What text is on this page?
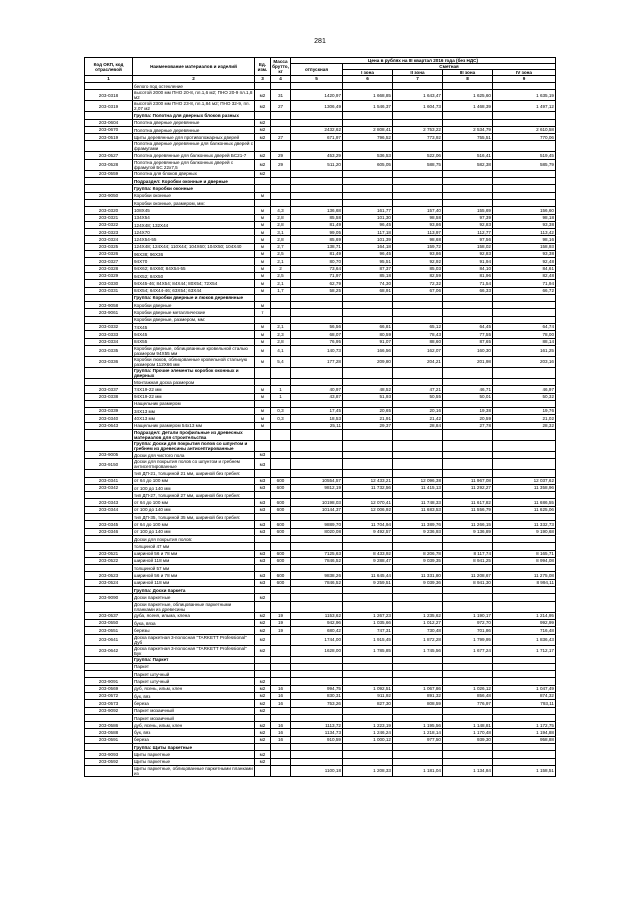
281
Код ОКП, код отраслевой	Наименование материалов и изделий	Ед. изм.	Масса брутто, кг	Цена в рублях на III квартал 2016 года (без НДС)				
				отпускная	Сметная			
					I зона	II зона	III зона	IV зона
1	2	3	4	5	6	7	8	9
	белого под остекление							
203-0318	высотой 2000 мм ПНО 20-8, пл.1,6 м2; ПНО 20-9 пл.1,8 м2	м2	31	1420,97	1 668,85	1 643,47	1 625,60	1 635,19
203-0319	высотой 2300 мм ПНО 23-8, пл.1,84 м2; ПНО 32-9, пл. 2,07 м2	м2	27	1306,49	1 546,37	1 604,73	1 468,39	1 497,12
	Группа: Полотна для дверных блоков разных							
203-0604	Полотна дверные деревянные	м2						
203-0670	Полотна дверные деревянные	м2		2432,62	2 808,41	2 753,22	2 534,79	2 610,58
203-0519	Щиты деревянные для противопожарных дверей	м2	27	671,97	796,52	773,92	755,51	770,06
	Полотна дверные деревянные для балконных дверей с фрамугами							
203-0527	Полотна деревянные для балконных дверей БС21-7	м2	29	453,29	536,53	522,06	516,41	519,45
203-0528	Полотна деревянные для балконных дверей с фрамугой БС 22х7,5	м2	29	511,20	605,05	588,75	582,38	585,79
203-0559	Полотна для блоков дверных	м2						
	Подраздел: Коробки оконные и дверные							
	Группа: Коробки оконные							
203-9050	Коробки оконные	м						
	Коробки оконные, размером, мм:							
203-0320	108Х45	м	4,3	136,68	161,77	157,40	155,69	156,60
203-0321	134Х54	м	2,8	85,58	101,30	98,58	97,39	98,18
203-0322	124Х48; 132Х44	м	2,8	81,49	96,45	93,86	92,83	93,38
203-0323	124Х70	м	3,1	99,05	117,18	113,97	112,77	113,42
203-0324	124Х54-55	м	2,8	85,69	101,39	98,68	97,56	98,16
203-0325	124Х48; 124Х44; 110Х44; 104Х60; 104Х50; 104Х40	м	2,7	138,71	164,18	159,72	158,02	158,93
203-0326	96Х38; 96Х36	м	2,5	81,49	96,45	93,86	92,83	93,38
203-0327	94Х70	м	2,1	80,70	95,51	92,92	91,94	92,48
203-0328	94Х62; 84Х60; 84Х54-55	м	2	73,64	87,37	85,03	84,10	84,61
203-0329	94Х52; 84Х50	м	2,5	71,97	85,18	82,59	81,96	82,48
203-0330	94Х45-46; 84Х54; 84Х44; 80Х54; 72Х54	м	2,1	62,79	74,30	72,32	71,54	71,94
203-0331	84Х54; 64Х44-46; 63Х54; 63Х44	м	1,7	58,25	68,91	67,06	66,33	66,72
	Группа: Коробки дверные и люков деревянные							
203-9058	Коробки дверные	м						
203-9061	Коробки дверные металлические	т						
	Коробки дверные, размером, мм:							
203-0332	74Х45	м	2,1	56,56	66,81	65,12	64,45	64,74
203-0333	94Х45	м	2,3	68,07	80,59	78,43	77,55	78,00
203-0334	84Х55	м	2,8	76,95	91,07	88,60	87,65	88,14
203-0335	Коробки дверные, облицованные кровельной сталью размером 94Х55 мм	м	4,1	140,73	166,56	162,07	160,30	161,25
203-0336	Коробки люков, облицованные кровельной стальную размером 112Х66 мм	м	5,4	177,28	209,80	204,21	201,98	203,16
	Группа: Прочие элементы коробок оконных и дверных							
	Монтажная доска размером							
203-0337	74Х19-22 мм	м	1	40,97	48,52	47,21	46,71	46,97
203-0338	94Х19-22 мм	м	1	43,87	51,93	50,55	50,01	50,32
	Нащельник размером							
203-0339	34Х13 мм	м	0,3	17,45	20,65	20,16	19,38	19,76
203-0340	40Х13 мм	м	0,3	18,53	21,91	21,42	20,59	21,02
203-0643	Нащельник размером 54х13 мм	м		25,11	29,37	28,84	27,78	28,32
	Подраздел: Детали профильные из древесных материалов для строительства							
	Группа: Доски для покрытия полов со шпунтом и гребнем из древесины антисептированные							
203-9005	Доски для чистого пола	м3						
203-9150	Доски для покрытия полов со шпунтом и гребнем антисептированные	м3						
	тип ДП-21, толщиной 21 мм, шириной без гребня:							
203-0341	от 64 до 100 мм	м3	600	10554,57	12 433,21	12 096,38	11 967,08	12 037,62
203-0342	от 100 до 140 мм	м3	600	9812,19	11 732,56	11 415,13	11 292,27	11 358,96
	тип ДП-27, толщиной 27 мм, шириной без гребня:							
203-0343	от 64 до 100 мм	м3	600	10198,03	12 070,41	11 748,33	11 617,82	11 686,55
203-0344	от 100 до 140 мм	м3	600	10144,37	12 006,92	11 683,53	11 556,79	11 625,06
	тип ДП-35, толщиной 35 мм, шириной без гребня:							
203-0345	от 64 до 100 мм	м3	600	9889,70	11 704,94	11 389,76	11 266,15	11 332,73
203-0346	от 100 до 140 мм	м3	600	8020,08	9 492,57	9 236,93	9 136,89	9 190,68
	Доски для покрытия полов:							
	толщиной 47 мм							
203-0521	шириной 56 и 78 мм	м3	600	7125,63	8 433,92	8 206,78	8 117,74	8 165,71
203-0522	шириной 118 мм	м3	600	7846,52	9 288,47	9 039,35	8 941,25	8 994,08
	толщиной 57 мм							
203-0523	шириной 56 и 78 мм	м3	600	9838,26	11 645,44	11 331,80	11 208,67	11 275,08
203-0524	шириной 118 мм	м3	600	7846,52	9 259,51	9 039,36	8 941,30	8 994,11
	Группа: Доски паркета							
203-9090	Доски паркетные	м2						
	Доски паркетные, облицованные паркетными планками из древесины							
203-0537	дуба, ясеня, ильма, клена	м2	19	1153,62	1 267,23	1 235,62	1 190,17	1 214,95
203-0550	бука, вяза	м2	19	942,96	1 035,66	1 012,27	972,70	992,99
203-0551	березы	м2	19	680,42	747,31	730,48	701,86	716,48
203-0641	Доска паркетная 3-полосная "TARKETT Professional" Дуб	м2		1744,00	1 915,45	1 872,28	1 799,95	1 836,43
203-0642	Доска паркетная 3-полосная "TARKETT Professional" Бук	м2		1628,00	1 785,85	1 745,56	1 677,24	1 712,17
	Группа: Паркет							
	Паркет							
	Паркет штучный							
203-9091	Паркет штучный	м2						
203-0569	дуб, ясень, ильм, клен	м2	16	994,75	1 092,51	1 067,86	1 026,12	1 047,49
203-0572	бук, вяз	м2	16	830,31	911,92	891,32	856,48	874,32
203-0573	береза	м2	16	753,26	827,30	808,59	776,97	793,11
203-9092	Паркет мозаичный	м2						
	Паркет мозаичный							
203-0586	дуб, ясень, ильм, клен	м2	16	1113,72	1 223,19	1 195,56	1 148,81	1 172,75
203-0588	бук, вяз	м2	16	1134,73	1 246,24	1 218,14	1 170,48	1 194,88
203-0591	береза	м2	16	910,59	1 000,12	977,50	939,30	958,88
	Группа: Щиты паркетные							
203-9093	Щиты паркетные	м2						
203-0592	Щиты паркетные	м2						
	Щиты паркетные, облицованные паркетными планками из			1100,18	1 208,33	1 181,04	1 134,84	1 158,51
